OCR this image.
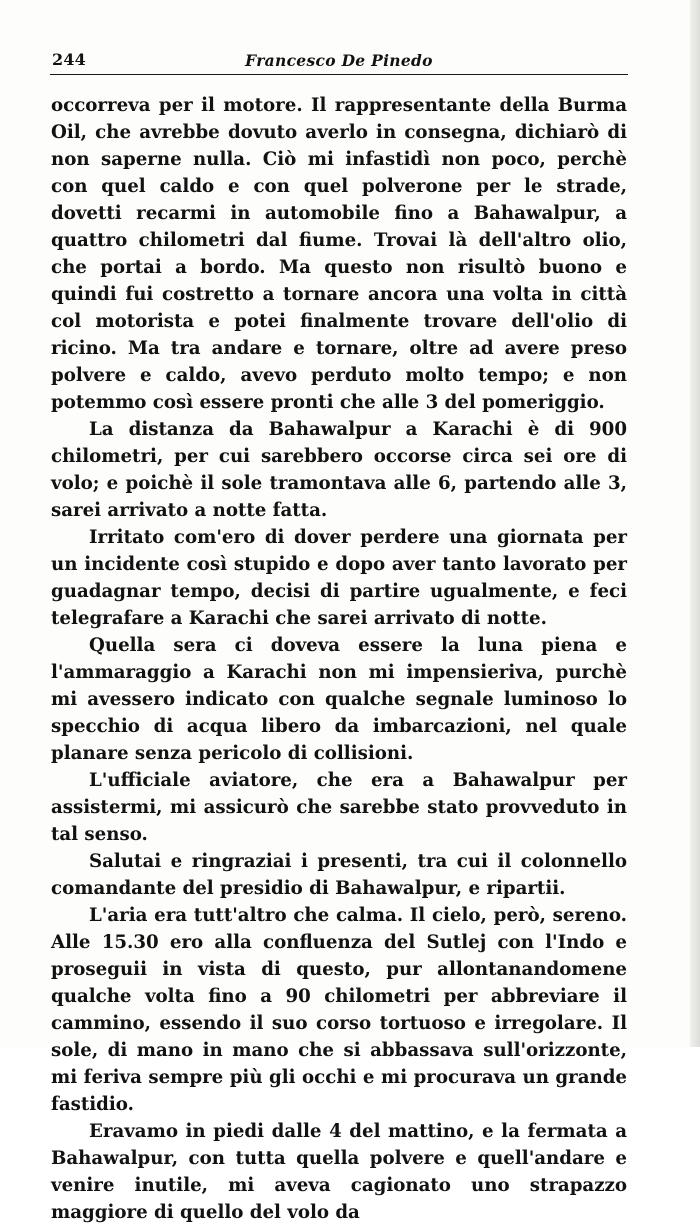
244	Francesco De Pinedo

occorreva per il motore. Il rappresentante della Burma Oil, che avrebbe dovuto averlo in consegna, dichiarò di non saperne nulla. Ciò mi infastidì non poco, perchè con quel caldo e con quel polverone per le strade, dovetti recarmi in automobile fino a Bahawalpur, a quattro chilometri dal fiume. Trovai là dell'altro olio, che portai a bordo. Ma questo non risultò buono e quindi fui costretto a tornare ancora una volta in città col motorista e potei finalmente trovare dell'olio di ricino. Ma tra andare e tornare, oltre ad avere preso polvere e caldo, avevo perduto molto tempo; e non potemmo così essere pronti che alle 3 del pomeriggio.

La distanza da Bahawalpur a Karachi è di 900 chilometri, per cui sarebbero occorse circa sei ore di volo; e poichè il sole tramontava alle 6, partendo alle 3, sarei arrivato a notte fatta.

Irritato com'ero di dover perdere una giornata per un incidente così stupido e dopo aver tanto lavorato per guadagnar tempo, decisi di partire ugualmente, e feci telegrafare a Karachi che sarei arrivato di notte.

Quella sera ci doveva essere la luna piena e l'ammaraggio a Karachi non mi impensieriva, purchè mi avessero indicato con qualche segnale luminoso lo specchio di acqua libero da imbarcazioni, nel quale planare senza pericolo di collisioni.

L'ufficiale aviatore, che era a Bahawalpur per assistermi, mi assicurò che sarebbe stato provveduto in tal senso.

Salutai e ringraziai i presenti, tra cui il colonnello comandante del presidio di Bahawalpur, e ripartii.

L'aria era tutt'altro che calma. Il cielo, però, sereno. Alle 15.30 ero alla confluenza del Sutlej con l'Indo e proseguii in vista di questo, pur allontanandomene qualche volta fino a 90 chilometri per abbreviare il cammino, essendo il suo corso tortuoso e irregolare. Il sole, di mano in mano che si abbassava sull'orizzonte, mi feriva sempre più gli occhi e mi procurava un grande fastidio.

Eravamo in piedi dalle 4 del mattino, e la fermata a Bahawalpur, con tutta quella polvere e quell'andare e venire inutile, mi aveva cagionato uno strapazzo maggiore di quello del volo da
